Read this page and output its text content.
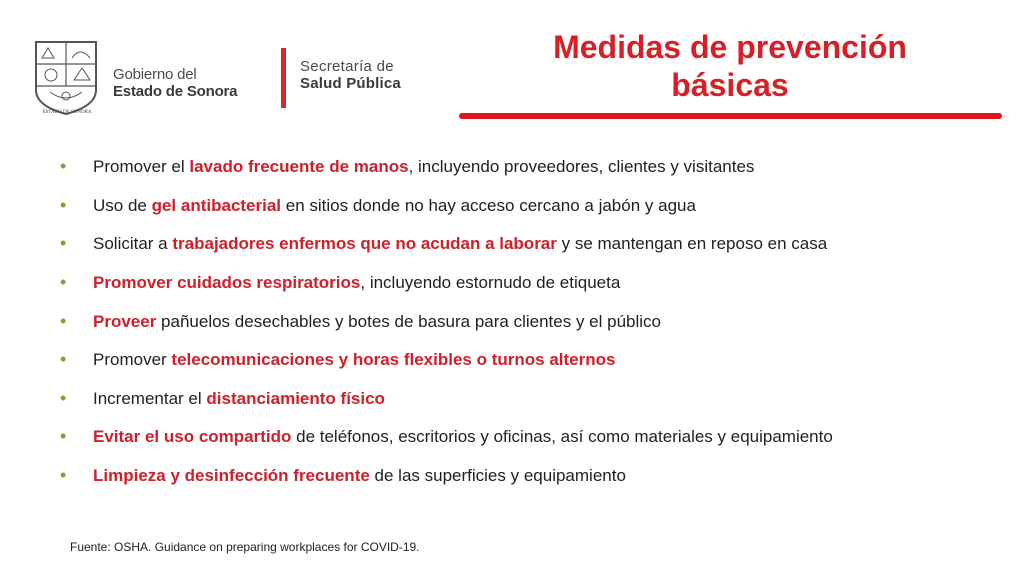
ESTADO DE SONORA
Gobierno del
Estado de Sonora
Secretaría de
Salud Pública
Medidas de prevención
básicas
• Promover el lavado frecuente de manos, incluyendo proveedores, clientes y visitantes
• Uso de gel antibacterial en sitios donde no hay acceso cercano a jabón y agua
• Solicitar a trabajadores enfermos que no acudan a laborar y se mantengan en reposo en casa
• Promover cuidados respiratorios, incluyendo estornudo de etiqueta
• Proveer pañuelos desechables y botes de basura para clientes y el público
• Promover telecomunicaciones y horas flexibles o turnos alternos
• Incrementar el distanciamiento físico
• Evitar el uso compartido de teléfonos, escritorios y oficinas, así como materiales y equipamiento
• Limpieza y desinfección frecuente de las superficies y equipamiento
Fuente: OSHA. Guidance on preparing workplaces for COVID-19.
